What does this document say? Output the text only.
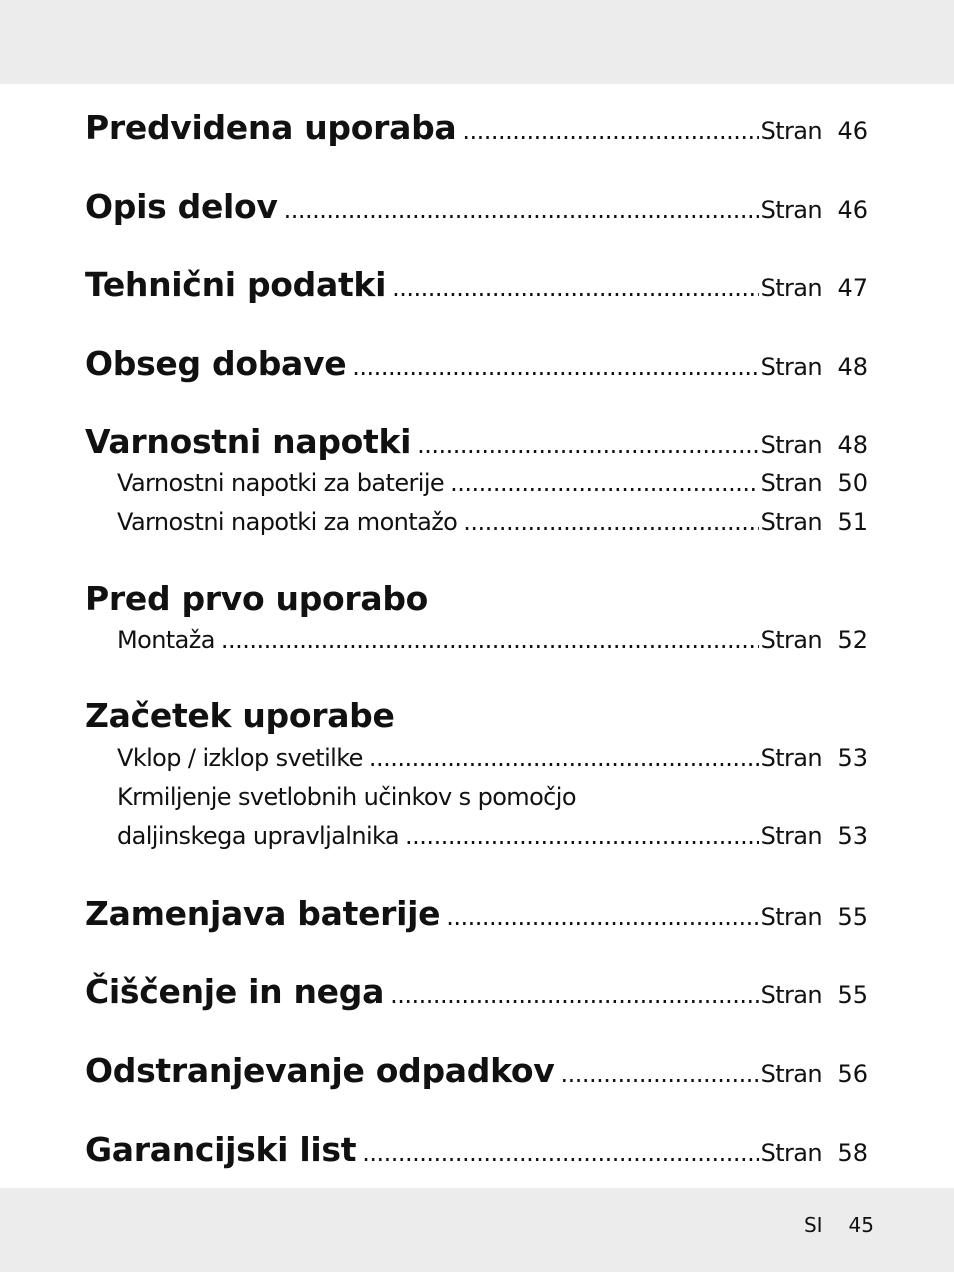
Predvidena uporaba .....	Stran 46
Opis delov .....	Stran 46
Tehnični podatki .....	Stran 47
Obseg dobave .....	Stran 48
Varnostni napotki .....	Stran 48
Varnostni napotki za baterije .....	Stran 50
Varnostni napotki za montažo .....	Stran 51
Pred prvo uporabo
Montaža .....	Stran 52
Začetek uporabe
Vklop / izklop svetilke .....	Stran 53
Krmiljenje svetlobnih učinkov s pomočjo
daljinskega upravljalnika .....	Stran 53
Zamenjava baterije .....	Stran 55
Čiščenje in nega .....	Stran 55
Odstranjevanje odpadkov .....	Stran 56
Garancijski list .....	Stran 58
SI 45
